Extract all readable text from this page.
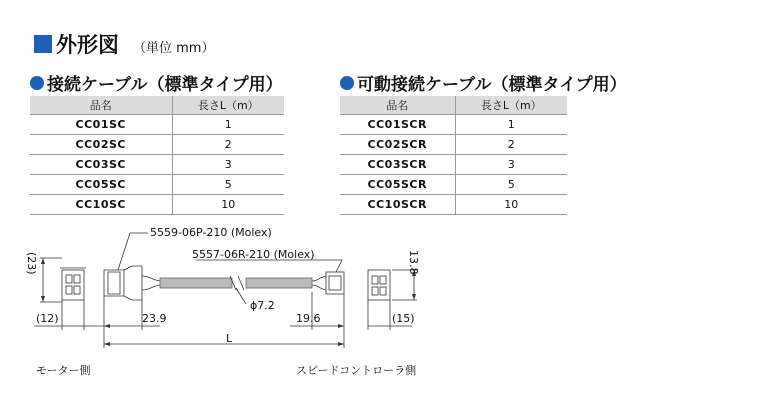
外形図 （単位 mm）
接続ケーブル（標準タイプ用）
品名	長さL（m）
CC01SC	1
CC02SC	2
CC03SC	3
CC05SC	5
CC10SC	10
可動接続ケーブル（標準タイプ用）
品名	長さL（m）
CC01SCR	1
CC02SCR	2
CC03SCR	3
CC05SCR	5
CC10SCR	10
5559-06P-210 (Molex)
5557-06R-210 (Molex)
(23)
(12)	23.9
ϕ7.2
19.6
L
13.8
(15)
モーター側	スピードコントローラ側
